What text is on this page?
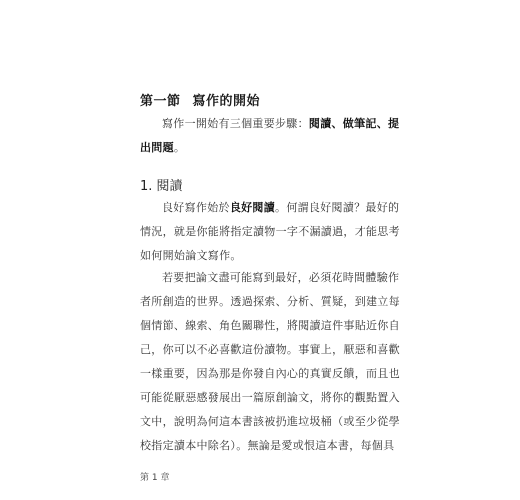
第一節 寫作的開始
寫作一開始有三個重要步驟：閱讀、做筆記、提
出問題。
1. 閱讀
良好寫作始於良好閱讀。何謂良好閱讀？最好的
情況，就是你能將指定讀物一字不漏讀過，才能思考
如何開始論文寫作。
若要把論文盡可能寫到最好，必須花時間體驗作
者所創造的世界。透過探索、分析、質疑，到建立每
個情節、線索、角色關聯性，將閱讀這件事貼近你自
己，你可以不必喜歡這份讀物。事實上，厭惡和喜歡
一樣重要，因為那是你發自內心的真實反饋，而且也
可能從厭惡感發展出一篇原創論文，將你的觀點置入
文中，說明為何這本書該被扔進垃圾桶（或至少從學
校指定讀本中除名）。無論是愛或恨這本書，每個具
第 1 章
